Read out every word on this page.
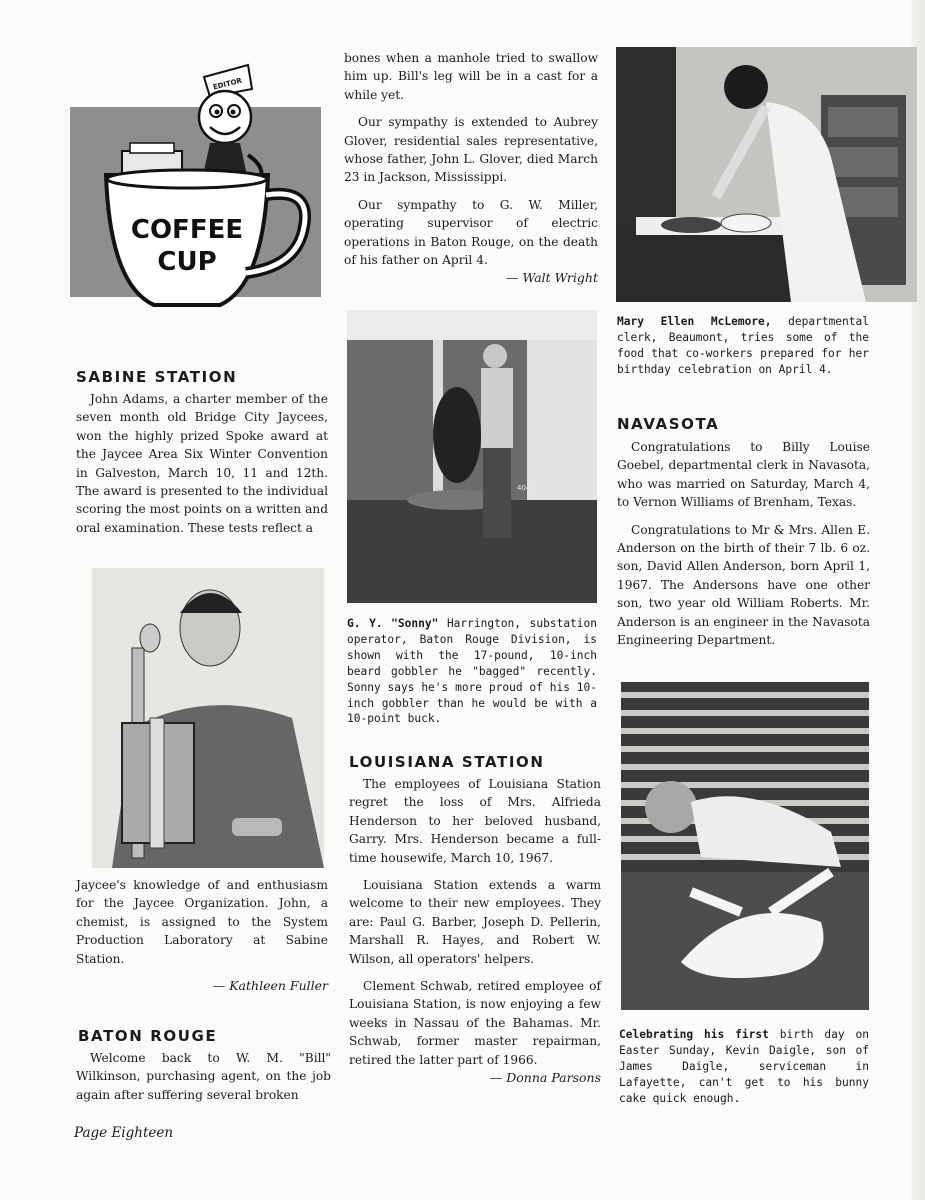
EDITOR
COFFEE
CUP
SABINE STATION

John Adams, a charter member of the seven month old Bridge City Jaycees, won the highly prized Spoke award at the Jaycee Area Six Winter Convention in Galveston, March 10, 11 and 12th. The award is presented to the individual scoring the most points on a written and oral examination. These tests reflect a

Jaycee's knowledge of and enthusiasm for the Jaycee Organization. John, a chemist, is assigned to the System Production Laboratory at Sabine Station.

— Kathleen Fuller
BATON ROUGE

Welcome back to W. M. "Bill" Wilkinson, purchasing agent, on the job again after suffering several broken

bones when a manhole tried to swallow him up. Bill's leg will be in a cast for a while yet.

Our sympathy is extended to Aubrey Glover, residential sales representative, whose father, John L. Glover, died March 23 in Jackson, Mississippi.

Our sympathy to G. W. Miller, operating supervisor of electric operations in Baton Rouge, on the death of his father on April 4.

— Walt Wright
404
G. Y. "Sonny" Harrington, substation operator, Baton Rouge Division, is shown with the 17-pound, 10-inch beard gobbler he "bagged" recently. Sonny says he's more proud of his 10-inch gobbler than he would be with a 10-point buck.
LOUISIANA STATION

The employees of Louisiana Station regret the loss of Mrs. Alfrieda Henderson to her beloved husband, Garry. Mrs. Henderson became a full-time housewife, March 10, 1967.

Louisiana Station extends a warm welcome to their new employees. They are: Paul G. Barber, Joseph D. Pellerin, Marshall R. Hayes, and Robert W. Wilson, all operators' helpers.

Clement Schwab, retired employee of Louisiana Station, is now enjoying a few weeks in Nassau of the Bahamas. Mr. Schwab, former master repairman, retired the latter part of 1966.

— Donna Parsons
Mary Ellen McLemore, departmental clerk, Beaumont, tries some of the food that co-workers prepared for her birthday celebration on April 4.
NAVASOTA

Congratulations to Billy Louise Goebel, departmental clerk in Navasota, who was married on Saturday, March 4, to Vernon Williams of Brenham, Texas.

Congratulations to Mr & Mrs. Allen E. Anderson on the birth of their 7 lb. 6 oz. son, David Allen Anderson, born April 1, 1967. The Andersons have one other son, two year old William Roberts. Mr. Anderson is an engineer in the Navasota Engineering Department.

Celebrating his first birth day on Easter Sunday, Kevin Daigle, son of James Daigle, serviceman in Lafayette, can't get to his bunny cake quick enough.
Page Eighteen
